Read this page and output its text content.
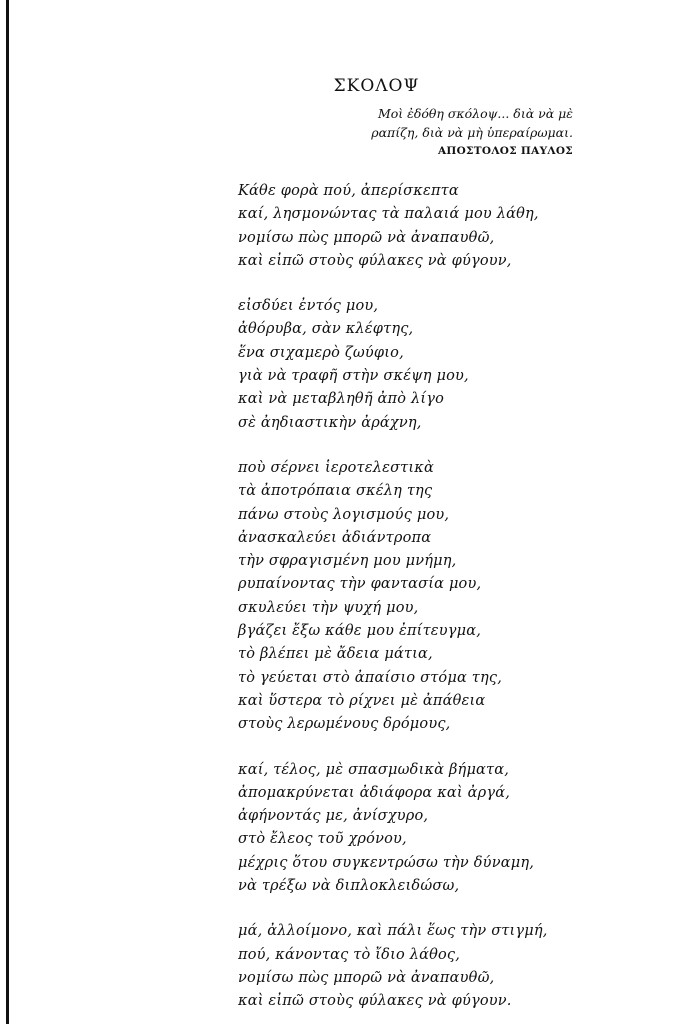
ΣΚΟΛΟΨ
Μοὶ ἐδόθη σκόλοψ... διὰ νὰ μὲ
ραπίζη, διὰ νὰ μὴ ὑπεραίρωμαι.
ΑΠΟΣΤΟΛΟΣ ΠΑΥΛΟΣ
Κάθε φορὰ πού, ἀπερίσκεπτα
καί, λησμονώντας τὰ παλαιά μου λάθη,
νομίσω πὼς μπορῶ νὰ ἀναπαυθῶ,
καὶ εἰπῶ στοὺς φύλακες νὰ φύγουν,
εἰσδύει ἐντός μου,
ἀθόρυβα, σὰν κλέφτης,
ἕνα σιχαμερὸ ζωύφιο,
γιὰ νὰ τραφῆ στὴν σκέψη μου,
καὶ νὰ μεταβληθῆ ἀπὸ λίγο
σὲ ἀηδιαστικὴν ἀράχνη,
ποὺ σέρνει ἱεροτελεστικὰ
τὰ ἀποτρόπαια σκέλη της
πάνω στοὺς λογισμούς μου,
ἀνασκαλεύει ἀδιάντροπα
τὴν σφραγισμένη μου μνήμη,
ρυπαίνοντας τὴν φαντασία μου,
σκυλεύει τὴν ψυχή μου,
βγάζει ἔξω κάθε μου ἐπίτευγμα,
τὸ βλέπει μὲ ἄδεια μάτια,
τὸ γεύεται στὸ ἀπαίσιο στόμα της,
καὶ ὕστερα τὸ ρίχνει μὲ ἀπάθεια
στοὺς λερωμένους δρόμους,
καί, τέλος, μὲ σπασμωδικὰ βήματα,
ἀπομακρύνεται ἀδιάφορα καὶ ἀργά,
ἀφήνοντάς με, ἀνίσχυρο,
στὸ ἔλεος τοῦ χρόνου,
μέχρις ὅτου συγκεντρώσω τὴν δύναμη,
νὰ τρέξω νὰ διπλοκλειδώσω,
μά, ἀλλοίμονο, καὶ πάλι ἕως τὴν στιγμή,
πού, κάνοντας τὸ ἴδιο λάθος,
νομίσω πὼς μπορῶ νὰ ἀναπαυθῶ,
καὶ εἰπῶ στοὺς φύλακες νὰ φύγουν.
